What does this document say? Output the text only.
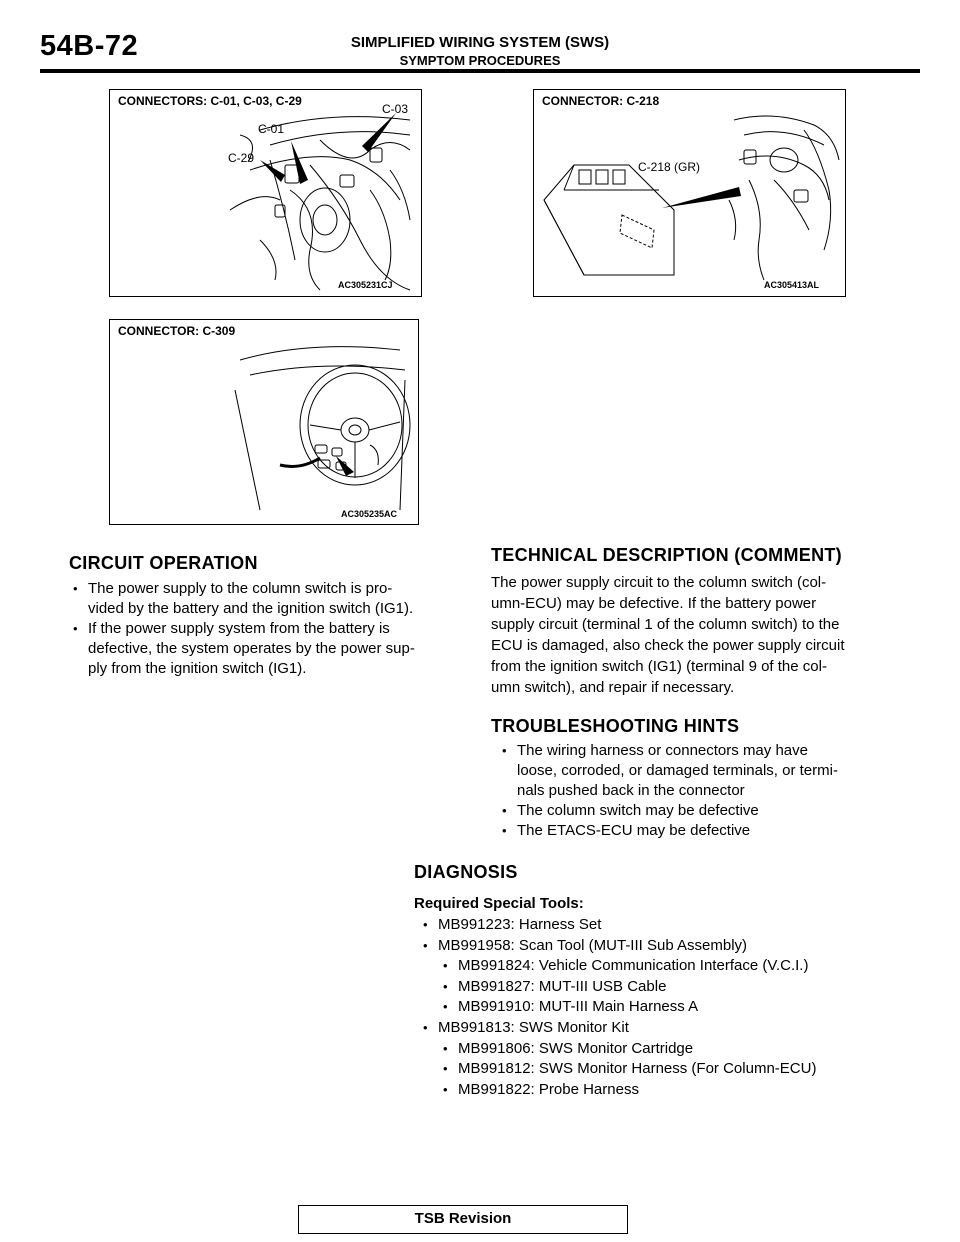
54B-72	SIMPLIFIED WIRING SYSTEM (SWS)
SYMPTOM PROCEDURES
CONNECTORS: C-01, C-03, C-29
C-03
C-01
C-29
AC305231CJ
CONNECTOR: C-218
C-218 (GR)
AC305413AL
CONNECTOR: C-309
AC305235AC
CIRCUIT OPERATION
• The power supply to the column switch is pro-
vided by the battery and the ignition switch (IG1).
• If the power supply system from the battery is
defective, the system operates by the power sup-
ply from the ignition switch (IG1).
TECHNICAL DESCRIPTION (COMMENT)
The power supply circuit to the column switch (col-
umn-ECU) may be defective. If the battery power
supply circuit (terminal 1 of the column switch) to the
ECU is damaged, also check the power supply circuit
from the ignition switch (IG1) (terminal 9 of the col-
umn switch), and repair if necessary.
TROUBLESHOOTING HINTS
• The wiring harness or connectors may have
loose, corroded, or damaged terminals, or termi-
nals pushed back in the connector
• The column switch may be defective
• The ETACS-ECU may be defective
DIAGNOSIS
Required Special Tools:
• MB991223: Harness Set
• MB991958: Scan Tool (MUT-III Sub Assembly)
• MB991824: Vehicle Communication Interface (V.C.I.)
• MB991827: MUT-III USB Cable
• MB991910: MUT-III Main Harness A
• MB991813: SWS Monitor Kit
• MB991806: SWS Monitor Cartridge
• MB991812: SWS Monitor Harness (For Column-ECU)
• MB991822: Probe Harness
TSB Revision
